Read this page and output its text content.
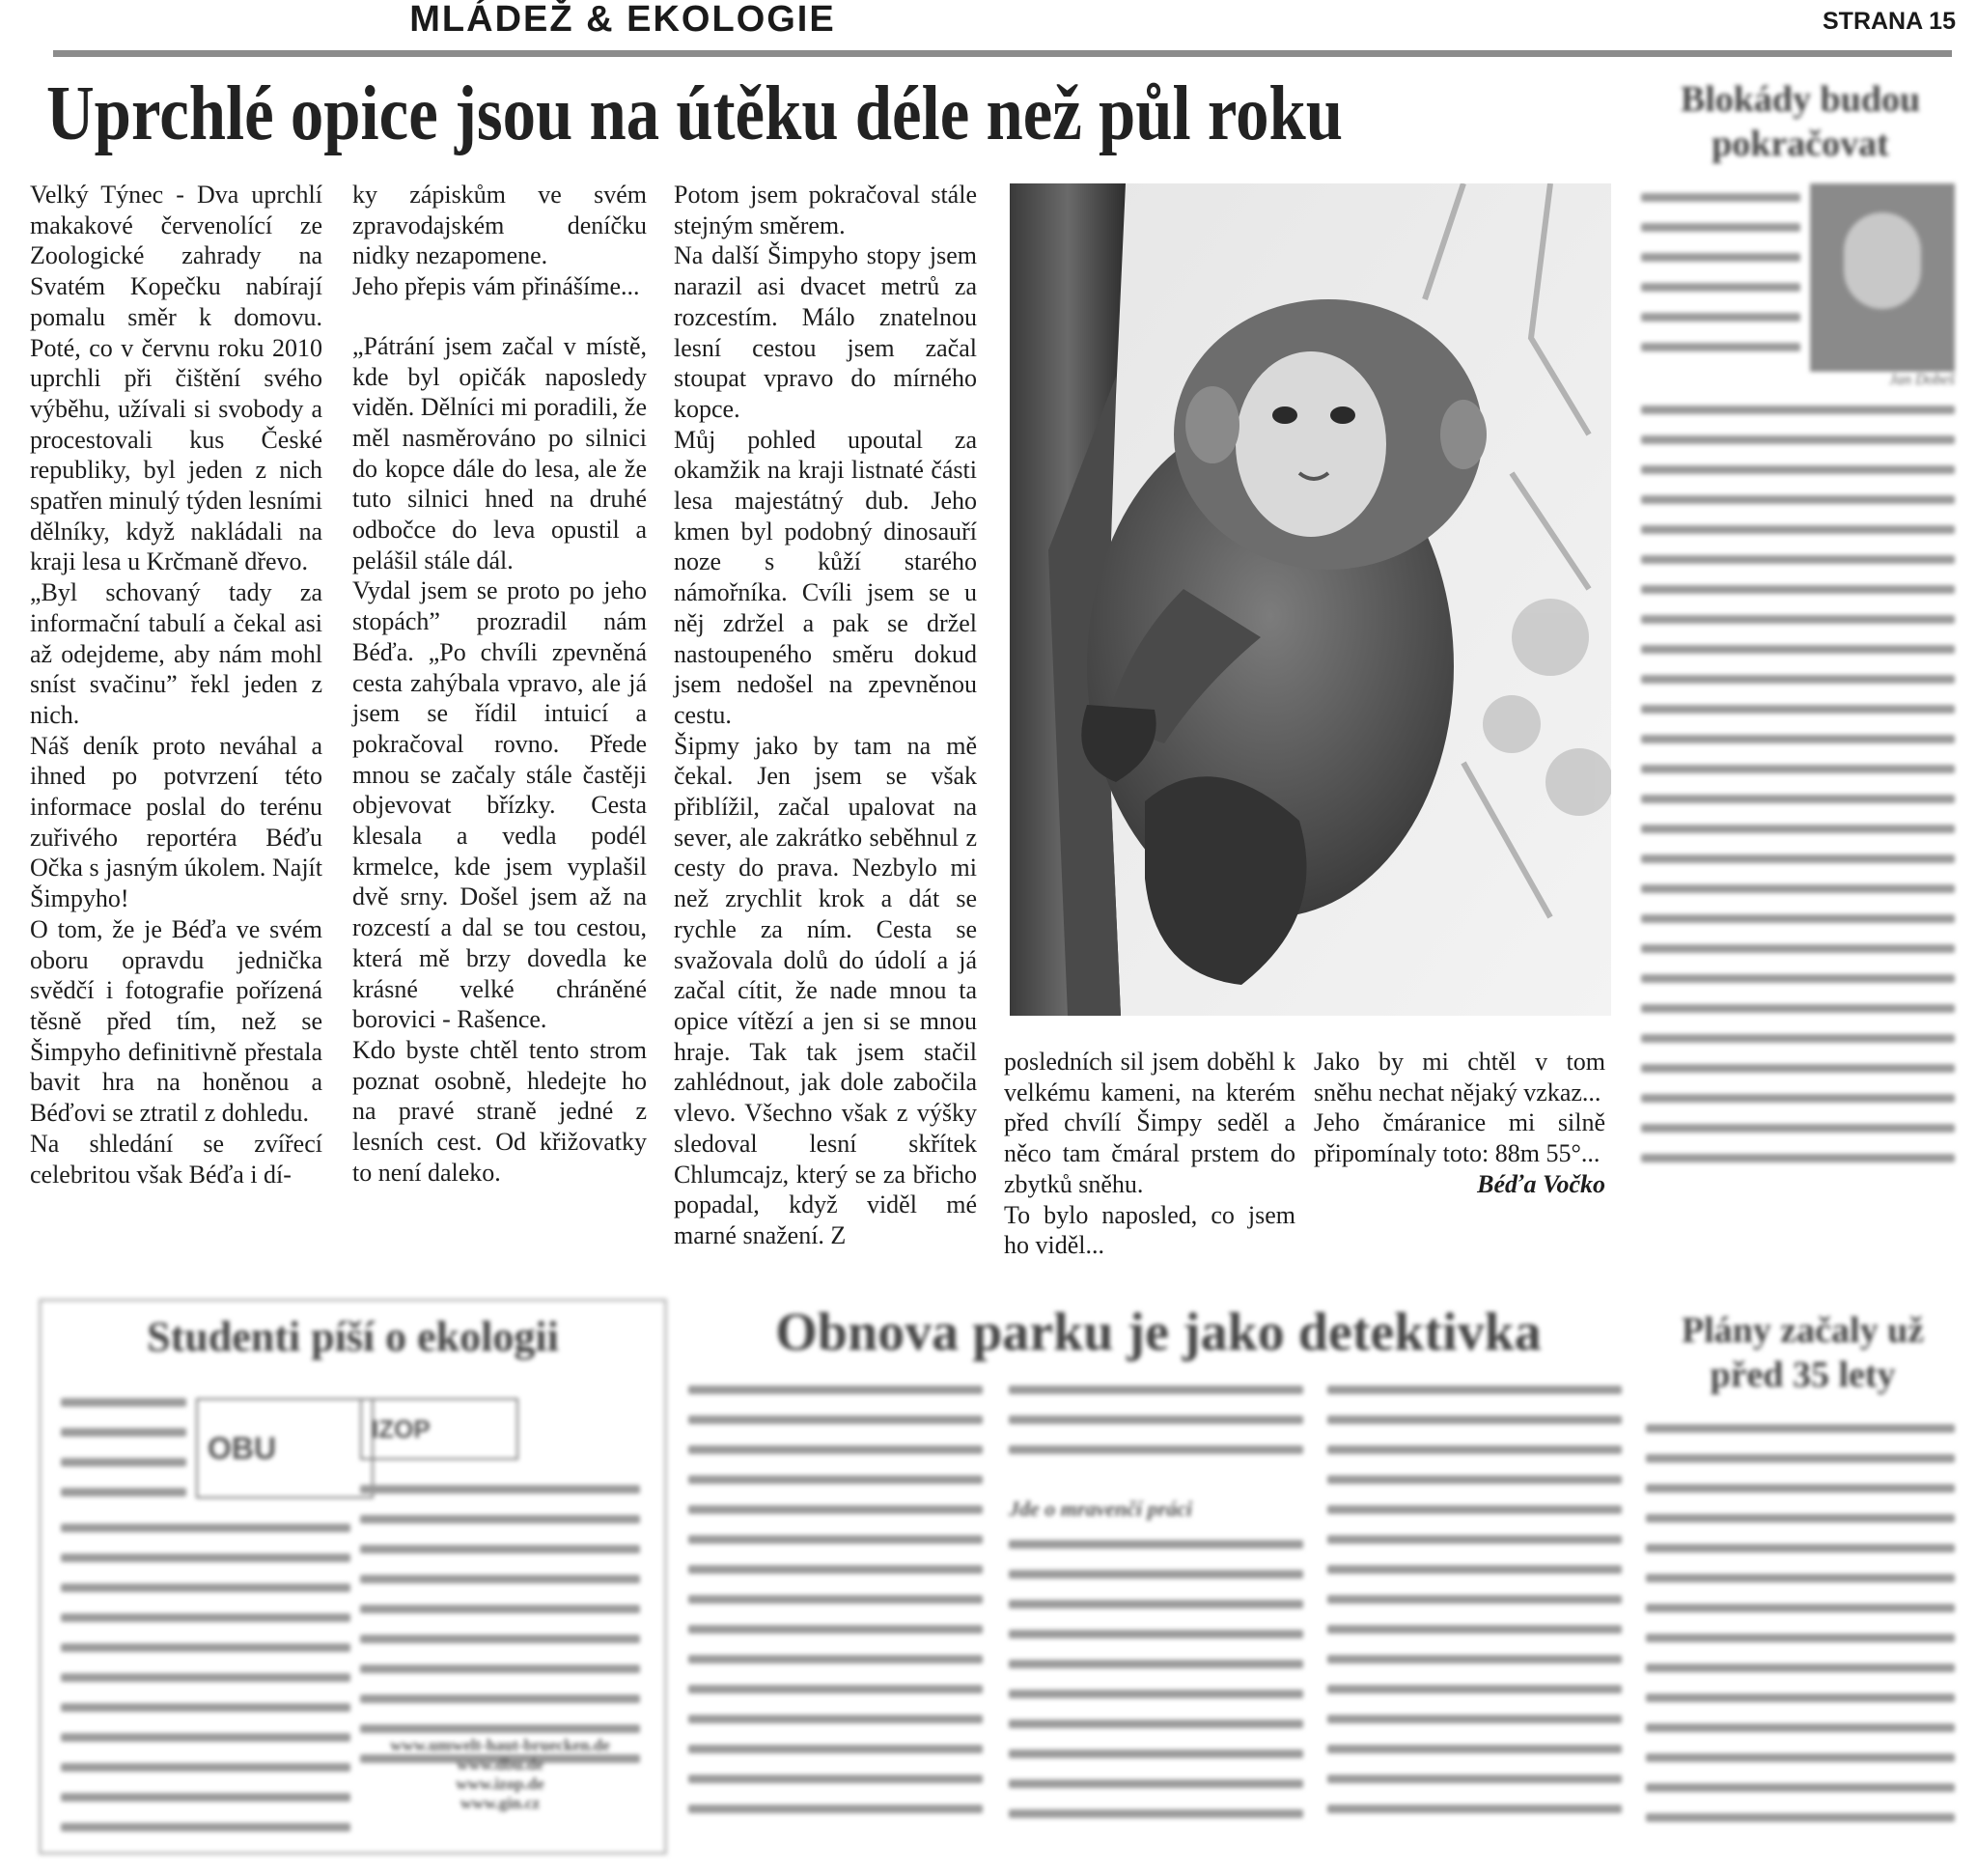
MLÁDEŽ & EKOLOGIE	STRANA 15
Uprchlé opice jsou na útěku déle než půl roku

Velký Týnec - Dva uprchlí makakové červenolící ze Zoologické zahrady na Svatém Kopečku nabírají pomalu směr k domovu. Poté, co v červnu roku 2010 uprchli při čištění svého výběhu, užívali si svobody a procestovali kus České republiky, byl jeden z nich spatřen minulý týden lesními dělníky, když nakládali na kraji lesa u Krčmaně dřevo.

„Byl schovaný tady za informační tabulí a čekal asi až odejdeme, aby nám mohl sníst svačinu” řekl jeden z nich.

Náš deník proto neváhal a ihned po potvrzení této informace poslal do terénu zuřivého reportéra Béďu Očka s jasným úkolem. Najít Šimpyho!

O tom, že je Béďa ve svém oboru opravdu jednička svědčí i fotografie pořízená těsně před tím, než se Šimpyho definitivně přestala bavit hra na honěnou a Béďovi se ztratil z dohledu.

Na shledání se zvířecí celebritou však Béďa i dí-

ky zápiskům ve svém zpravodajském deníčku nidky nezapomene.

Jeho přepis vám přinášíme...

„Pátrání jsem začal v místě, kde byl opičák naposledy viděn. Dělníci mi poradili, že měl nasměrováno po silnici do kopce dále do lesa, ale že tuto silnici hned na druhé odbočce do leva opustil a pelášil stále dál.

Vydal jsem se proto po jeho stopách” prozradil nám Béďa. „Po chvíli zpevněná cesta zahýbala vpravo, ale já jsem se řídil intuicí a pokračoval rovno. Přede mnou se začaly stále častěji objevovat břízky. Cesta klesala a vedla podél krmelce, kde jsem vyplašil dvě srny. Došel jsem až na rozcestí a dal se tou cestou, která mě brzy dovedla ke krásné velké chráněné borovici - Rašence.

Kdo byste chtěl tento strom poznat osobně, hledejte ho na pravé straně jedné z lesních cest. Od křižovatky to není daleko.

Potom jsem pokračoval stále stejným směrem.

Na další Šimpyho stopy jsem narazil asi dvacet metrů za rozcestím. Málo znatelnou lesní cestou jsem začal stoupat vpravo do mírného kopce.

Můj pohled upoutal za okamžik na kraji listnaté části lesa majestátný dub. Jeho kmen byl podobný dinosauří noze s kůží starého námořníka. Cvíli jsem se u něj zdržel a pak se držel nastoupeného směru dokud jsem nedošel na zpevněnou cestu.

Šipmy jako by tam na mě čekal. Jen jsem se však přiblížil, začal upalovat na sever, ale zakrátko seběhnul z cesty do prava. Nezbylo mi než zrychlit krok a dát se rychle za ním. Cesta se svažovala dolů do údolí a já začal cítit, že nade mnou ta opice vítězí a jen si se mnou hraje. Tak tak jsem stačil zahlédnout, jak dole zabočila vlevo. Všechno však z výšky sledoval lesní skřítek Chlumcajz, který se za břicho popadal, když viděl mé marné snažení. Z

posledních sil jsem doběhl k velkému kameni, na kterém před chvílí Šimpy seděl a něco tam čmáral prstem do zbytků sněhu.

To bylo naposled, co jsem ho viděl...

Jako by mi chtěl v tom sněhu nechat nějaký vzkaz...

Jeho čmáranice mi silně připomínaly toto: 88m 55°...

Béďa Vočko

Blokády budou pokračovat
Jan Dobeš
Studenti píší o ekologii
OBU
IZOP
www.umwelt-haut-bruecken.de
www.dbu.de
www.izop.de
www.gin.cz
Obnova parku je jako detektivka
Jde o mravenčí práci
Plány začaly už před 35 lety
